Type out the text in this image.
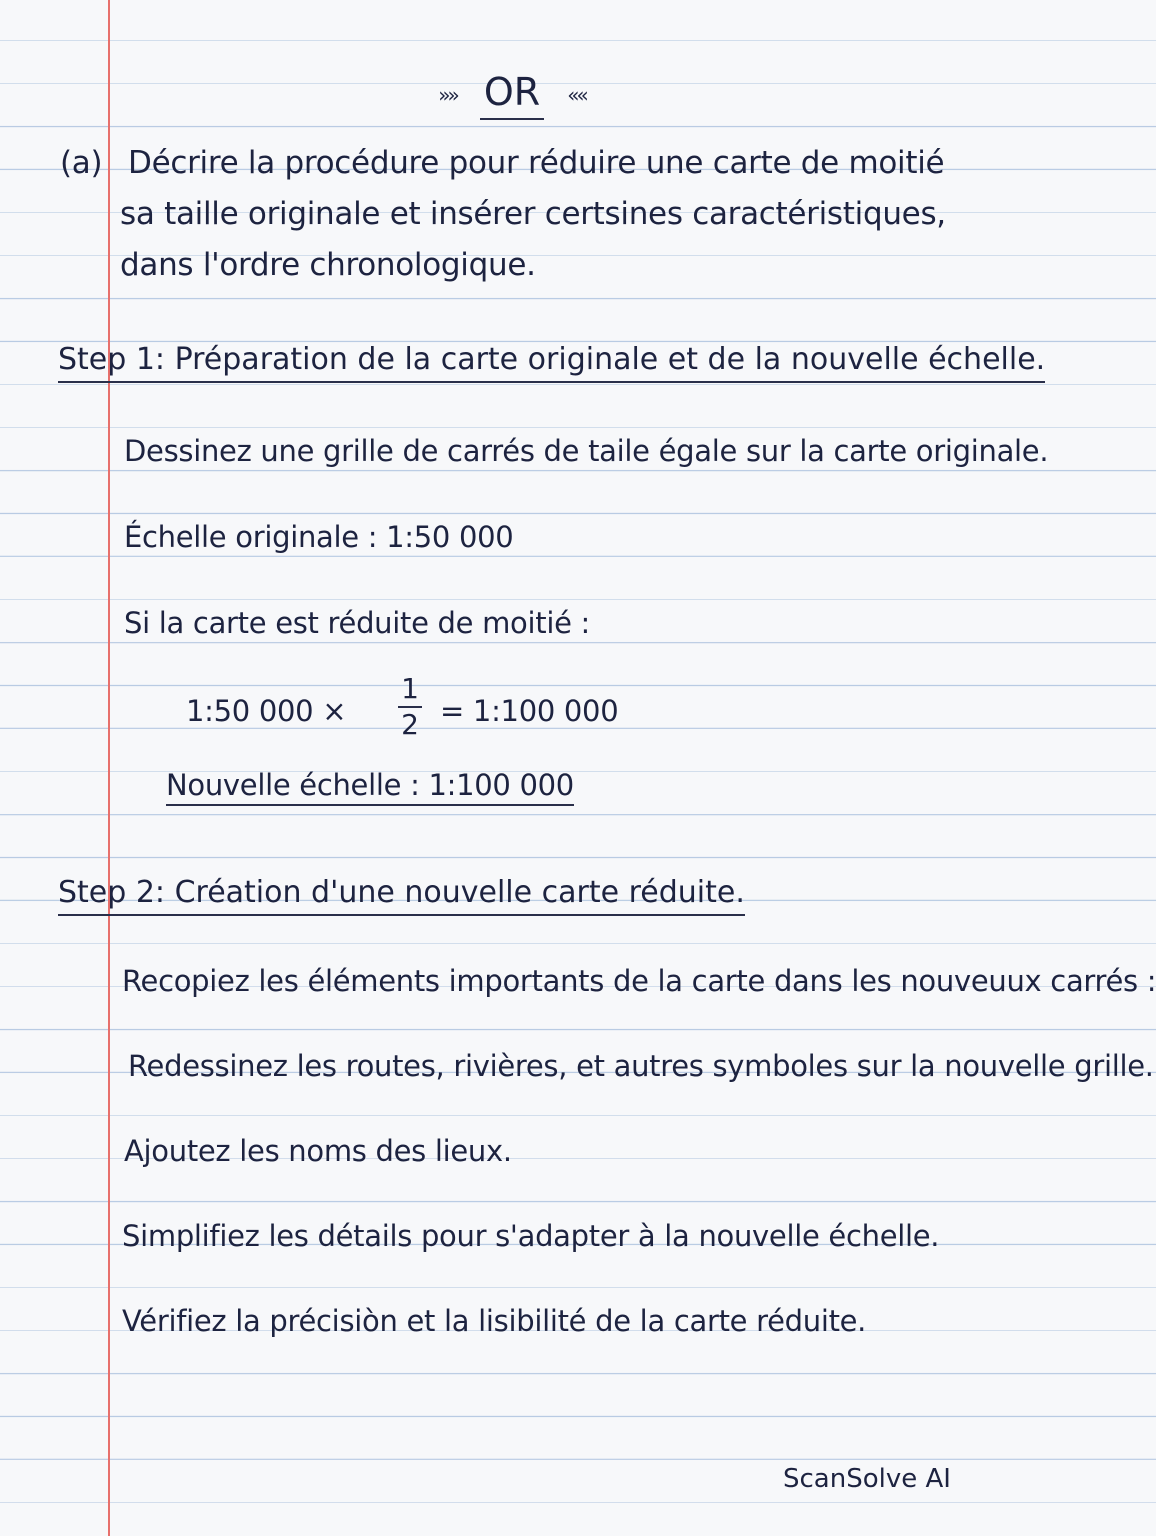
»» OR ««
(a) Décrire la procédure pour réduire une carte de moitié
sa taille originale et insérer certsines caractéristiques,
dans l'ordre chronologique.
Step 1: Préparation de la carte originale et de la nouvelle échelle.
Dessinez une grille de carrés de taile égale sur la carte originale.
Échelle originale : 1:50 000
Si la carte est réduite de moitié :
1:50 000 ×
1
2 = 1:100 000
Nouvelle échelle : 1:100 000
Step 2: Création d'une nouvelle carte réduite.
Recopiez les éléments importants de la carte dans les nouveuux carrés :
Redessinez les routes, rivières, et autres symboles sur la nouvelle grille.
Ajoutez les noms des lieux.
Simplifiez les détails pour s'adapter à la nouvelle échelle.
Vérifiez la précisiòn et la lisibilité de la carte réduite.
ScanSolve AI
